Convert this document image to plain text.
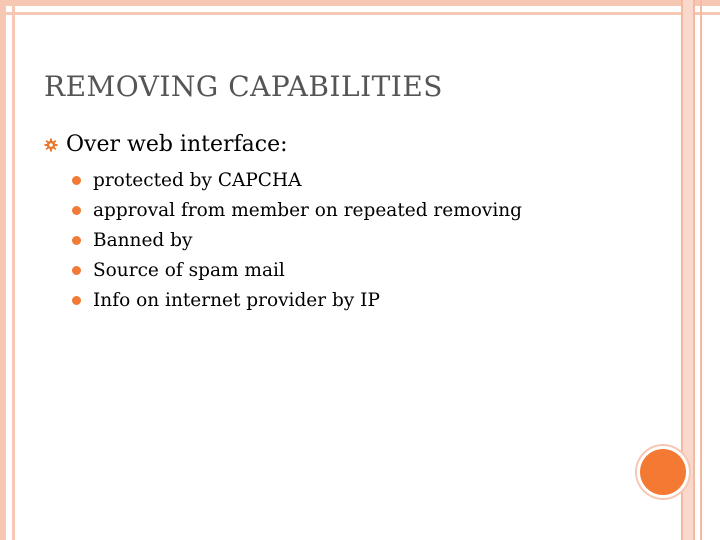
REMOVING CAPABILITIES
Over web interface:
protected by CAPCHA
approval from member on repeated removing
Banned by
Source of spam mail
Info on internet provider by IP
